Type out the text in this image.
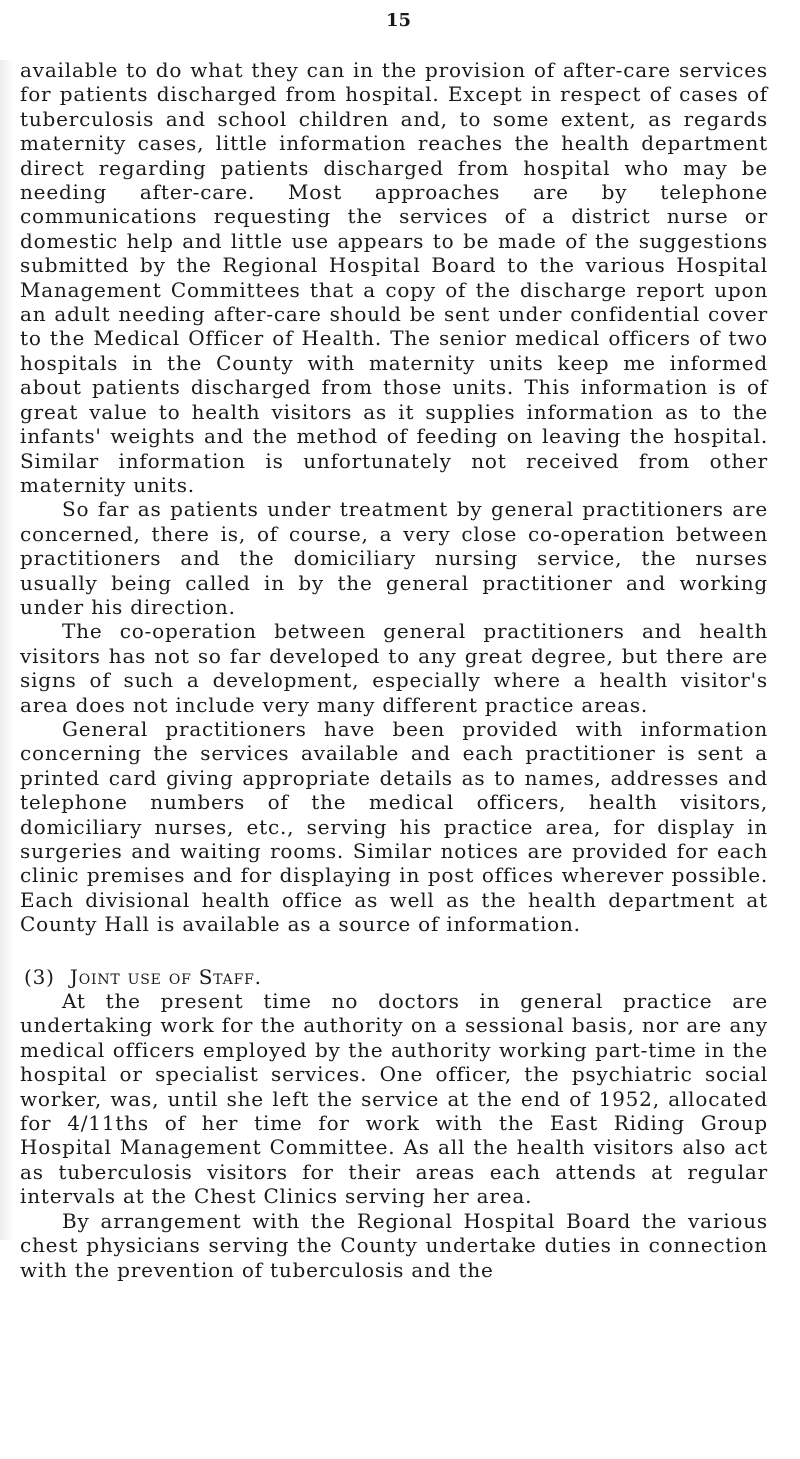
15

available to do what they can in the provision of after-care services for patients discharged from hospital. Except in respect of cases of tuberculosis and school children and, to some extent, as regards maternity cases, little information reaches the health department direct regarding patients discharged from hospital who may be needing after-care. Most approaches are by telephone communications requesting the services of a district nurse or domestic help and little use appears to be made of the suggestions submitted by the Regional Hospital Board to the various Hospital Management Committees that a copy of the discharge report upon an adult needing after-care should be sent under confidential cover to the Medical Officer of Health. The senior medical officers of two hospitals in the County with maternity units keep me informed about patients discharged from those units. This information is of great value to health visitors as it supplies information as to the infants' weights and the method of feeding on leaving the hospital. Similar information is unfortunately not received from other maternity units.

So far as patients under treatment by general practitioners are concerned, there is, of course, a very close co-operation between practitioners and the domiciliary nursing service, the nurses usually being called in by the general practitioner and working under his direction.

The co-operation between general practitioners and health visitors has not so far developed to any great degree, but there are signs of such a development, especially where a health visitor's area does not include very many different practice areas.

General practitioners have been provided with information concerning the services available and each practitioner is sent a printed card giving appropriate details as to names, addresses and telephone numbers of the medical officers, health visitors, domiciliary nurses, etc., serving his practice area, for display in surgeries and waiting rooms. Similar notices are provided for each clinic premises and for displaying in post offices wherever possible. Each divisional health office as well as the health department at County Hall is available as a source of information.

(3) Joint use of Staff.

At the present time no doctors in general practice are undertaking work for the authority on a sessional basis, nor are any medical officers employed by the authority working part-time in the hospital or specialist services. One officer, the psychiatric social worker, was, until she left the service at the end of 1952, allocated for 4/11ths of her time for work with the East Riding Group Hospital Management Committee. As all the health visitors also act as tuberculosis visitors for their areas each attends at regular intervals at the Chest Clinics serving her area.

By arrangement with the Regional Hospital Board the various chest physicians serving the County undertake duties in connection with the prevention of tuberculosis and the
